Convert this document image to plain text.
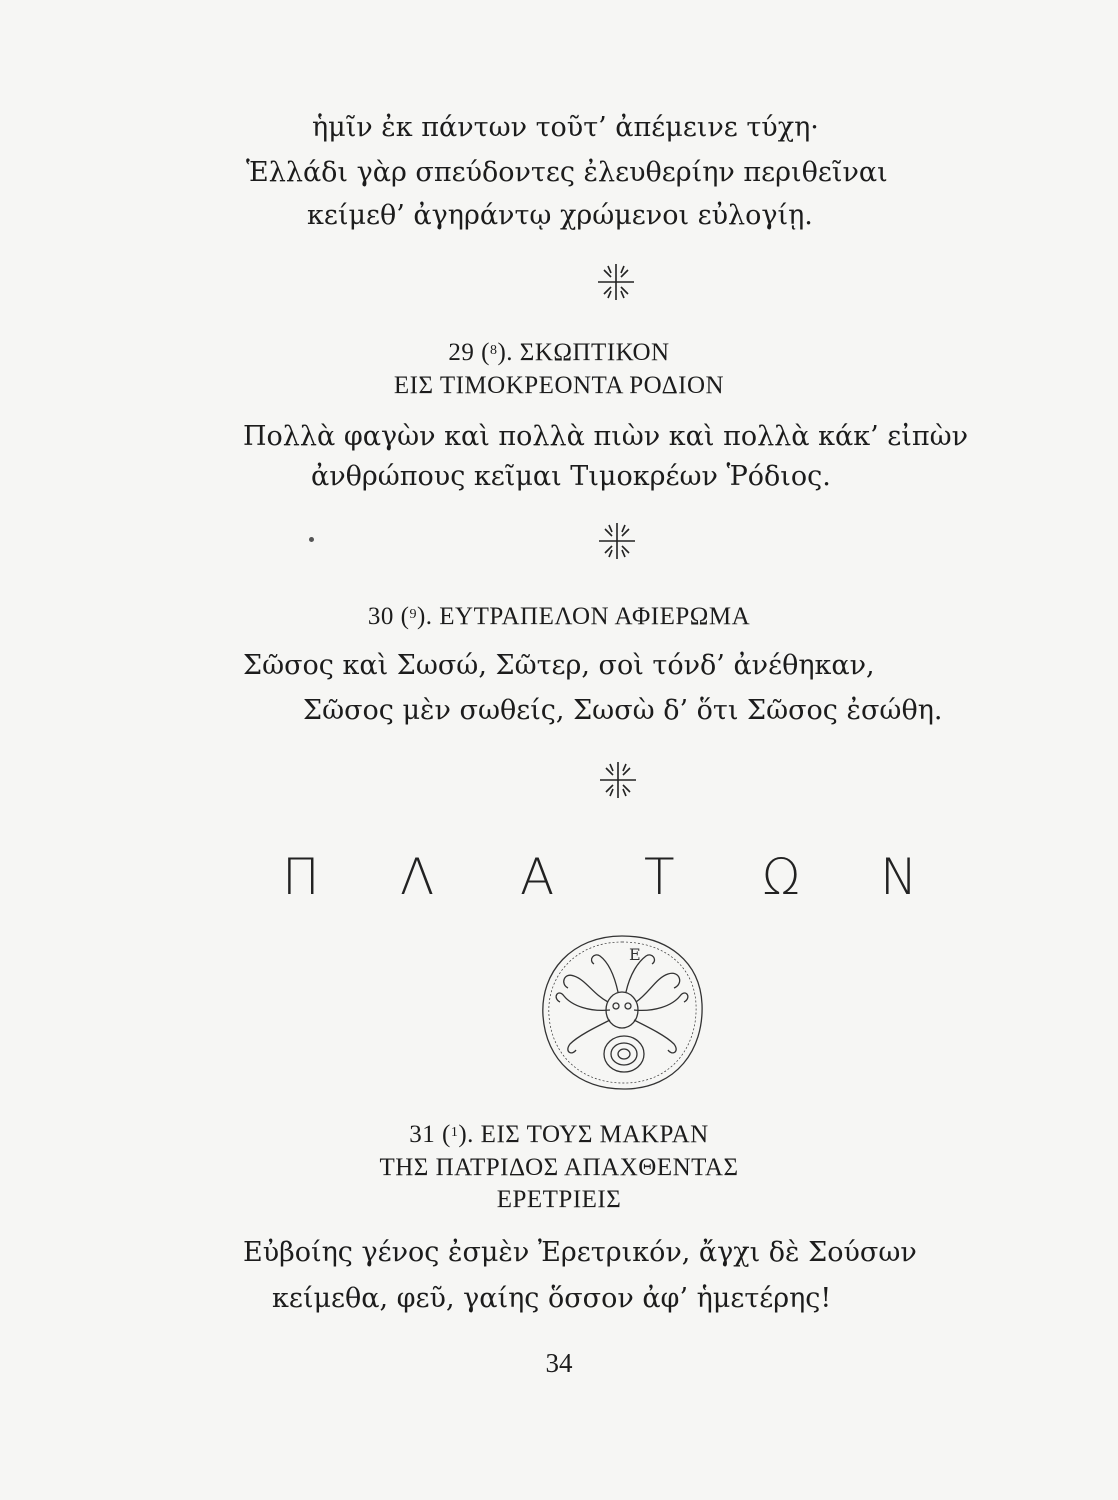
ἡμῖν ἐκ πάντων τοῦτ’ ἀπέμεινε τύχη·
Ἑλλάδι γὰρ σπεύδοντες ἐλευθερίην περιθεῖναι
κείμεθ’ ἀγηράντῳ χρώμενοι εὐλογίῃ.
29 ($^8$). ΣΚΩΠΤΙΚΟΝ
ΕΙΣ ΤΙΜΟΚΡΕΟΝΤΑ ΡΟΔΙΟΝ
Πολλὰ φαγὼν καὶ πολλὰ πιὼν καὶ πολλὰ κάκ’ εἰπὼν
ἀνθρώπους κεῖμαι Τιμοκρέων Ῥόδιος.
30 ($^9$). ΕΥΤΡΑΠΕΛΟΝ ΑΦΙΕΡΩΜΑ
Σῶσος καὶ Σωσώ, Σῶτερ, σοὶ τόνδ’ ἀνέθηκαν,
Σῶσος μὲν σωθείς, Σωσὼ δ’ ὅτι Σῶσος ἐσώθη.
Π Λ Α Τ Ω Ν
E
31 ($^1$). ΕΙΣ ΤΟΥΣ ΜΑΚΡΑΝ
ΤΗΣ ΠΑΤΡΙΔΟΣ ΑΠΑΧΘΕΝΤΑΣ
ΕΡΕΤΡΙΕΙΣ
Εὐβοίης γένος ἐσμὲν Ἐρετρικόν, ἄγχι δὲ Σούσων
κείμεθα, φεῦ, γαίης ὅσσον ἀφ’ ἡμετέρης!
34
